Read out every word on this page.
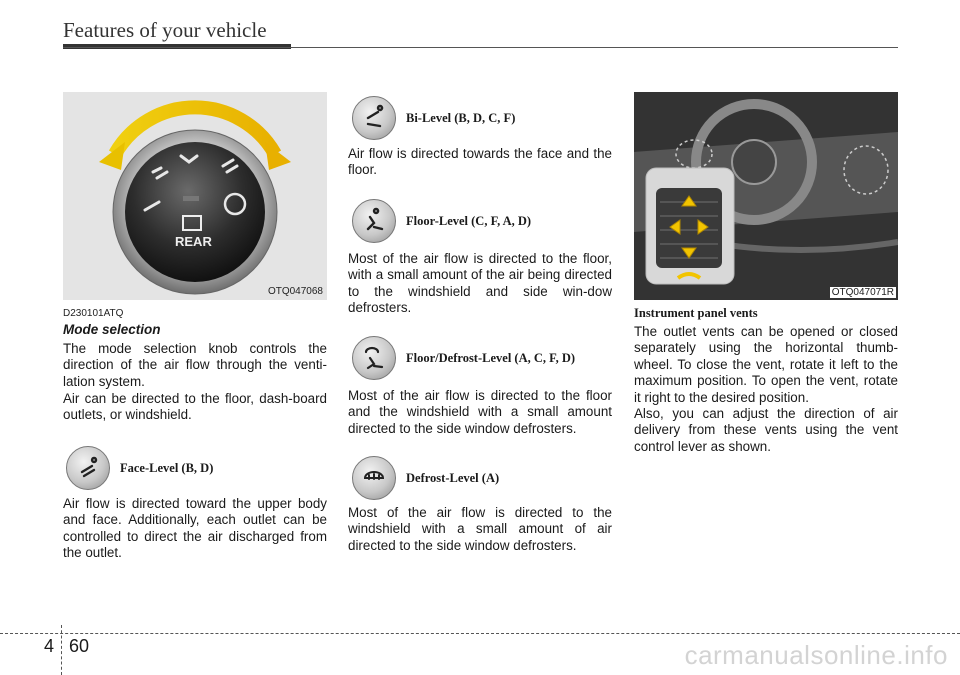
Features of your vehicle
REAR
OTQ047068
D230101ATQ
Mode selection

The mode selection knob controls the direction of the air flow through the venti-lation system.

Air can be directed to the floor, dash-board outlets, or windshield.

Face-Level (B, D)

Air flow is directed toward the upper body and face. Additionally, each outlet can be controlled to direct the air discharged from the outlet.

Bi-Level (B, D, C, F)

Air flow is directed towards the face and the floor.

Floor-Level (C, F, A, D)

Most of the air flow is directed to the floor, with a small amount of the air being directed to the windshield and side win-dow defrosters.

Floor/Defrost-Level (A, C, F, D)

Most of the air flow is directed to the floor and the windshield with a small amount directed to the side window defrosters.

Defrost-Level (A)

Most of the air flow is directed to the windshield with a small amount of air directed to the side window defrosters.

OTQ047071R
Instrument panel vents

The outlet vents can be opened or closed separately using the horizontal thumb-wheel. To close the vent, rotate it left to the maximum position. To open the vent, rotate it right to the desired position.

Also, you can adjust the direction of air delivery from these vents using the vent control lever as shown.

4 60	carmanualsonline.info
